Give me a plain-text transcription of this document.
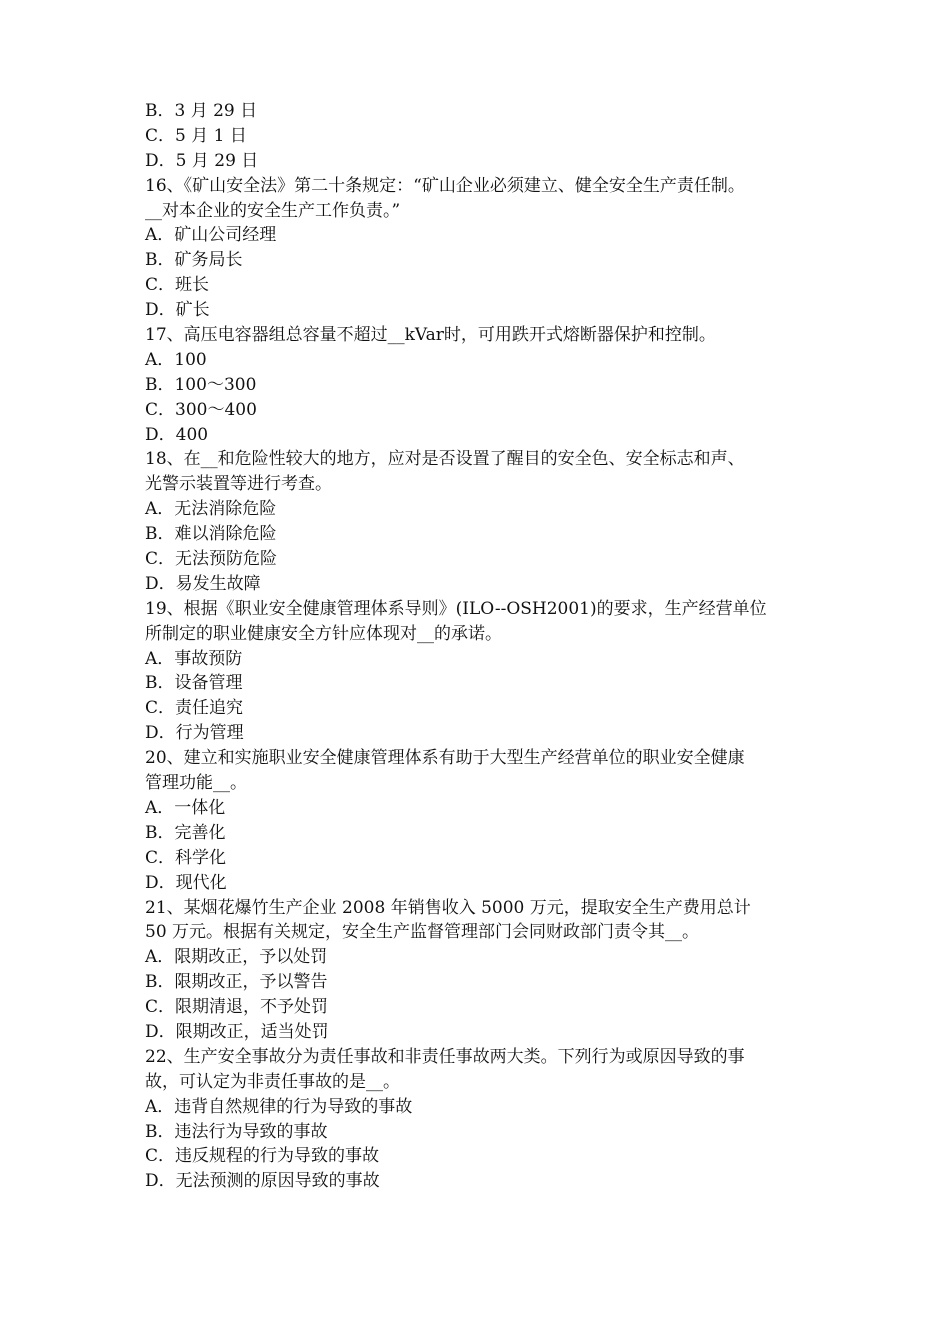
B．3 月 29 日
C．5 月 1 日
D．5 月 29 日
16、《矿山安全法》第二十条规定：“矿山企业必须建立、健全安全生产责任制。
__对本企业的安全生产工作负责。”
A．矿山公司经理
B．矿务局长
C．班长
D．矿长
17、高压电容器组总容量不超过__kVar时，可用跌开式熔断器保护和控制。
A．100
B．100～300
C．300～400
D．400
18、在__和危险性较大的地方，应对是否设置了醒目的安全色、安全标志和声、
光警示装置等进行考查。
A．无法消除危险
B．难以消除危险
C．无法预防危险
D．易发生故障
19、根据《职业安全健康管理体系导则》(ILO--OSH2001)的要求，生产经营单位
所制定的职业健康安全方针应体现对__的承诺。
A．事故预防
B．设备管理
C．责任追究
D．行为管理
20、建立和实施职业安全健康管理体系有助于大型生产经营单位的职业安全健康
管理功能__。
A．一体化
B．完善化
C．科学化
D．现代化
21、某烟花爆竹生产企业 2008 年销售收入 5000 万元，提取安全生产费用总计
50 万元。根据有关规定，安全生产监督管理部门会同财政部门责令其__。
A．限期改正，予以处罚
B．限期改正，予以警告
C．限期清退，不予处罚
D．限期改正，适当处罚
22、生产安全事故分为责任事故和非责任事故两大类。下列行为或原因导致的事
故，可认定为非责任事故的是__。
A．违背自然规律的行为导致的事故
B．违法行为导致的事故
C．违反规程的行为导致的事故
D．无法预测的原因导致的事故
